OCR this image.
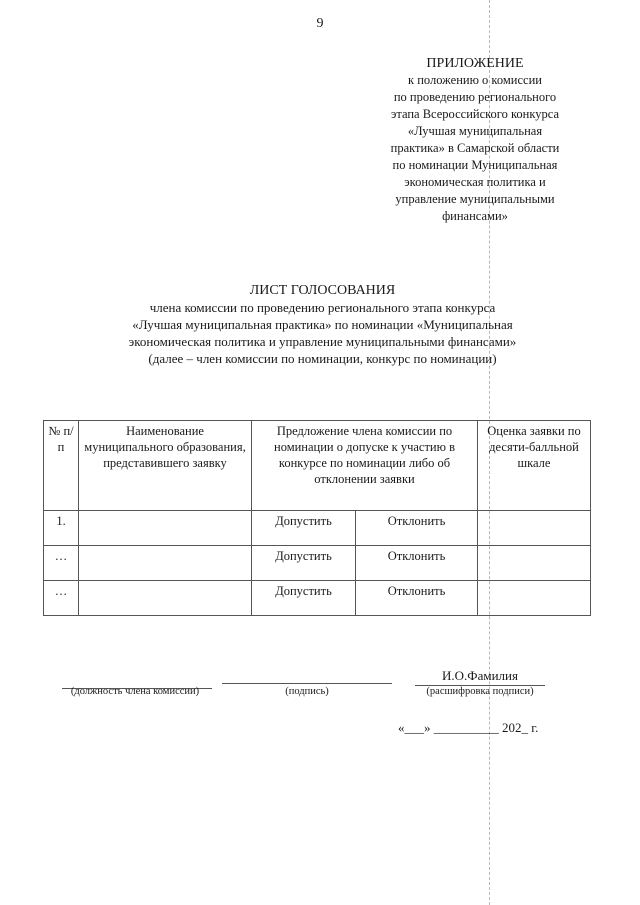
9
ПРИЛОЖЕНИЕ
к положению о комиссии
по проведению регионального
этапа Всероссийского конкурса
«Лучшая муниципальная
практика» в Самарской области
по номинации Муниципальная
экономическая политика и
управление муниципальными
финансами»
ЛИСТ ГОЛОСОВАНИЯ
члена комиссии по проведению регионального этапа конкурса
«Лучшая муниципальная практика» по номинации «Муниципальная
экономическая политика и управление муниципальными финансами»
(далее – член комиссии по номинации, конкурс по номинации)
№ п/п	Наименование муниципального образования, представившего заявку	Предложение члена комиссии по номинации о допуске к участию в конкурсе по номинации либо об отклонении заявки		Оценка заявки по десяти-балльной шкале
1.		Допустить	Отклонить	
…		Допустить	Отклонить	
…		Допустить	Отклонить	
(должность члена комиссии)	(подпись)
И.О.Фамилия
(расшифровка подписи)
«___» __________ 202_ г.
